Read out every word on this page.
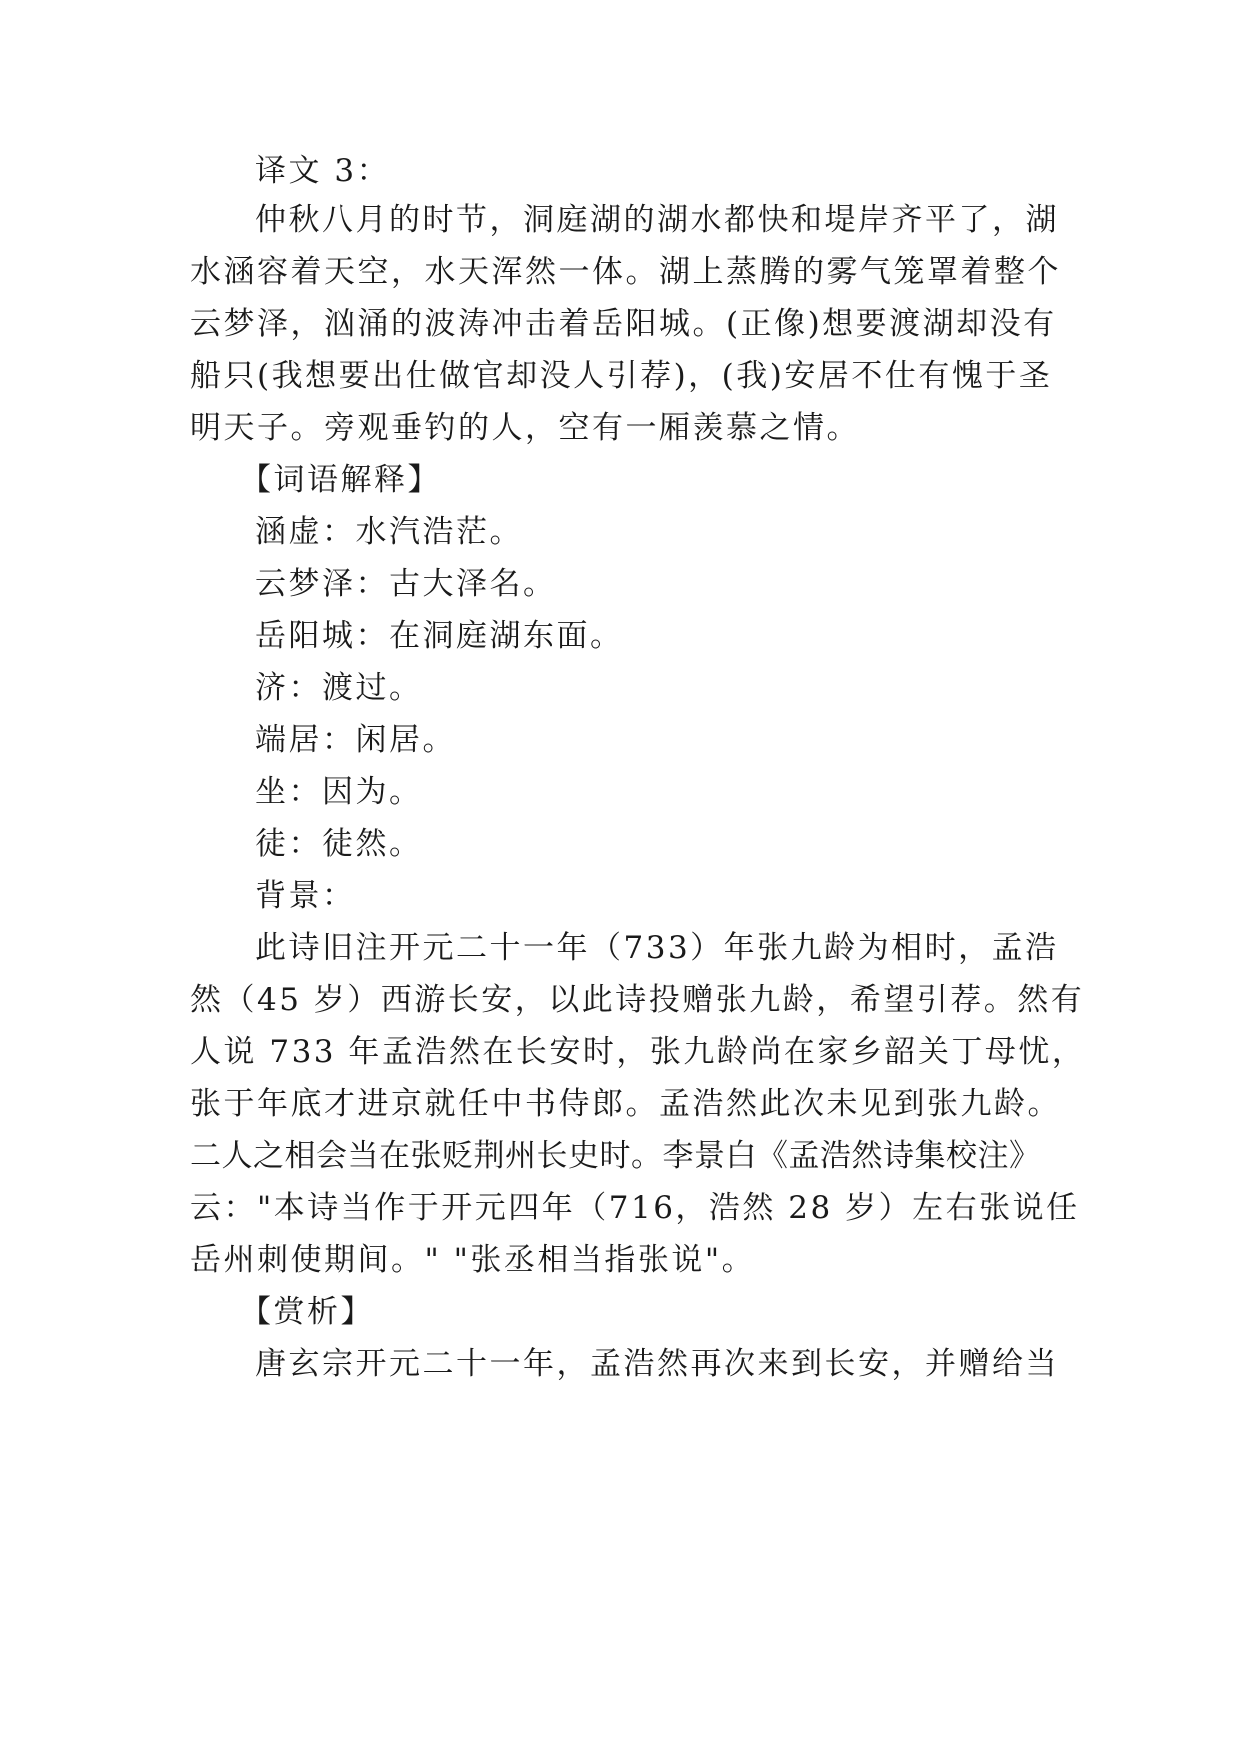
译文 3：
仲秋八月的时节，洞庭湖的湖水都快和堤岸齐平了，湖
水涵容着天空，水天浑然一体。湖上蒸腾的雾气笼罩着整个
云梦泽，汹涌的波涛冲击着岳阳城。(正像)想要渡湖却没有
船只(我想要出仕做官却没人引荐)，(我)安居不仕有愧于圣
明天子。旁观垂钓的人，空有一厢羡慕之情。
【词语解释】
涵虚：水汽浩茫。
云梦泽：古大泽名。
岳阳城：在洞庭湖东面。
济：渡过。
端居：闲居。
坐：因为。
徒：徒然。
背景：
此诗旧注开元二十一年（733）年张九龄为相时，孟浩
然（45 岁）西游长安，以此诗投赠张九龄，希望引荐。然有
人说 733 年孟浩然在长安时，张九龄尚在家乡韶关丁母忧，
张于年底才进京就任中书侍郎。孟浩然此次未见到张九龄。
二人之相会当在张贬荆州长史时。李景白《孟浩然诗集校注》
云："本诗当作于开元四年（716，浩然 28 岁）左右张说任
岳州刺使期间。" "张丞相当指张说"。
【赏析】
唐玄宗开元二十一年，孟浩然再次来到长安，并赠给当
